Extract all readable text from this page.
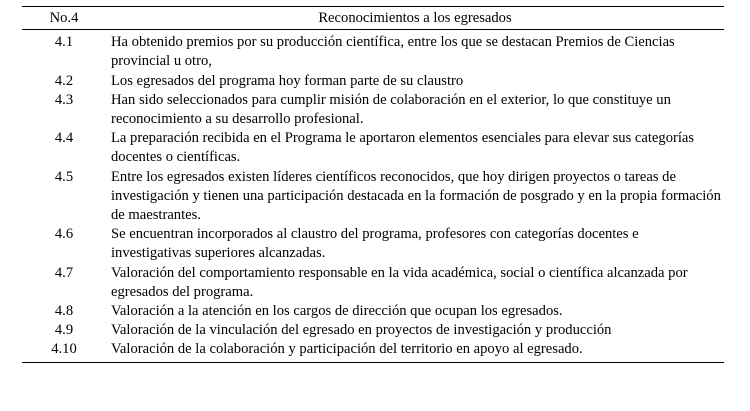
No.4	Reconocimientos a los egresados
4.1	Ha obtenido premios por su producción científica, entre los que se destacan Premios de Ciencias provincial u otro,
4.2	Los egresados del programa hoy forman parte de su claustro
4.3	Han sido seleccionados para cumplir misión de colaboración en el exterior, lo que constituye un reconocimiento a su desarrollo profesional.
4.4	La preparación recibida en el Programa le aportaron elementos esenciales para elevar sus categorías docentes o científicas.
4.5	Entre los egresados existen líderes científicos reconocidos, que hoy dirigen proyectos o tareas de investigación y tienen una participación destacada en la formación de posgrado y en la propia formación de maestrantes.
4.6	Se encuentran incorporados al claustro del programa, profesores con categorías docentes e investigativas superiores alcanzadas.
4.7	Valoración del comportamiento responsable en la vida académica, social o científica alcanzada por egresados del programa.
4.8	Valoración a la atención en los cargos de dirección que ocupan los egresados.
4.9	Valoración de la vinculación del egresado en proyectos de investigación y producción
4.10	Valoración de la colaboración y participación del territorio en apoyo al egresado.
